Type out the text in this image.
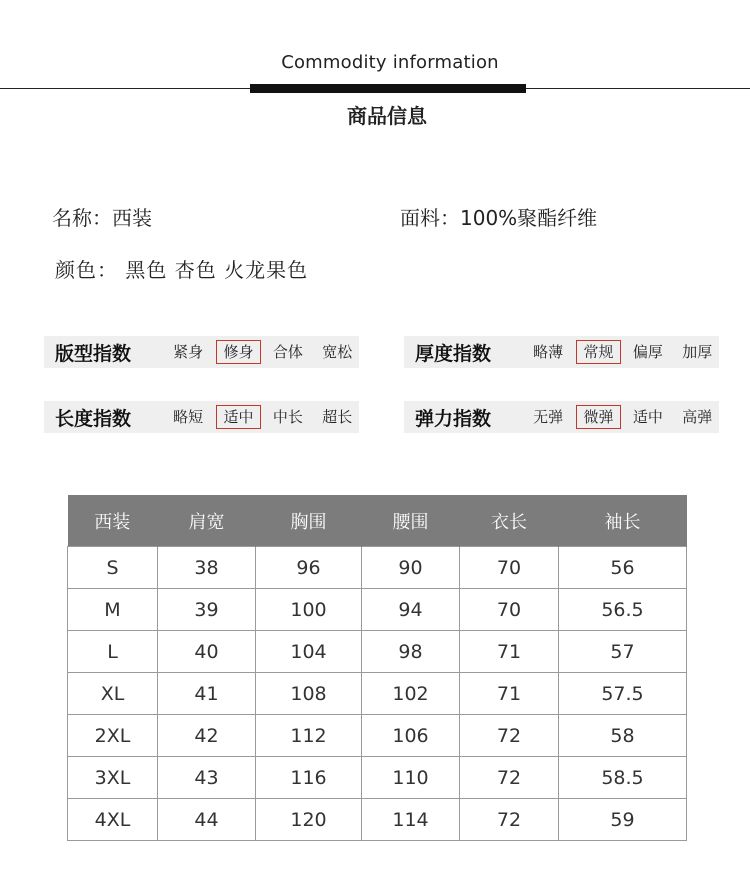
Commodity information
商品信息
名称：西装	面料：100%聚酯纤维
颜色： 黑色 杏色 火龙果色
版型指数	紧身	修身	合体	宽松	厚度指数	略薄	常规	偏厚	加厚
长度指数	略短	适中	中长	超长	弹力指数	无弹	微弹	适中	高弹
西装	肩宽	胸围	腰围	衣长	袖长
S	38	96	90	70	56
M	39	100	94	70	56.5
L	40	104	98	71	57
XL	41	108	102	71	57.5
2XL	42	112	106	72	58
3XL	43	116	110	72	58.5
4XL	44	120	114	72	59
